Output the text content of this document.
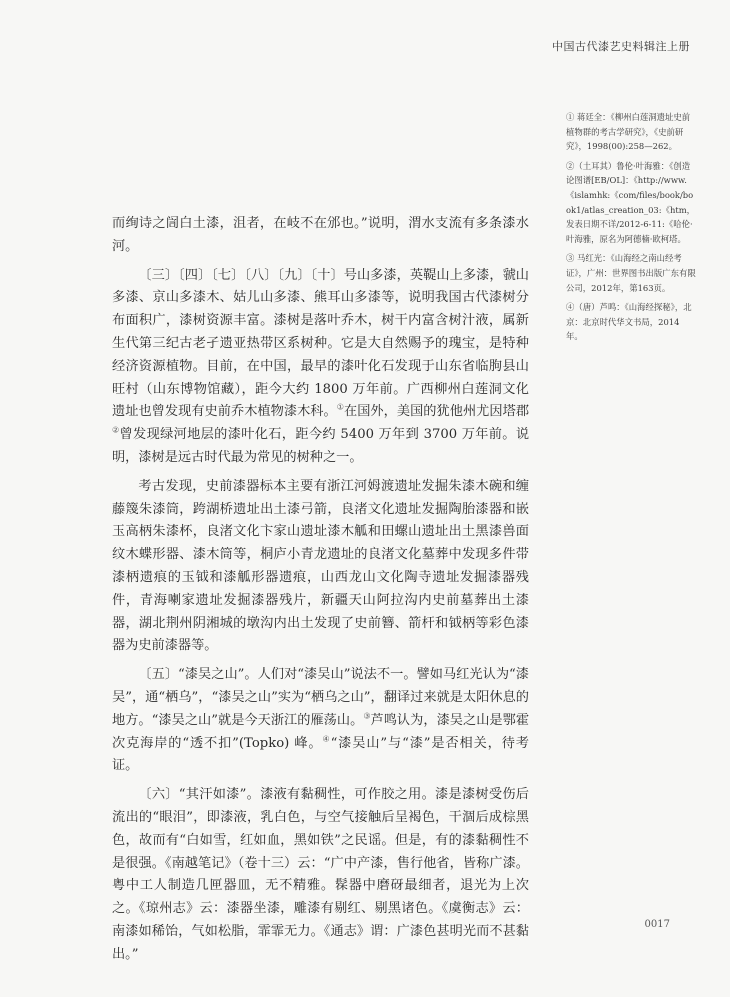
中国古代漆艺史料辑注上册

而绚诗之訚白土漆，沮者，在岐不在邠也。”说明，渭水支流有多条漆水河。

〔三〕〔四〕〔七〕〔八〕〔九〕〔十〕号山多漆，英鞮山上多漆，虢山多漆、京山多漆木、姑儿山多漆、熊耳山多漆等，说明我国古代漆树分布面积广，漆树资源丰富。漆树是落叶乔木，树干内富含树汁液，属新生代第三纪古老孑遗亚热带区系树种。它是大自然赐予的瑰宝，是特种经济资源植物。目前，在中国，最早的漆叶化石发现于山东省临朐县山旺村（山东博物馆藏），距今大约 1800 万年前。广西柳州白莲洞文化遗址也曾发现有史前乔木植物漆木科。①在国外，美国的犹他州尤因塔郡②曾发现绿河地层的漆叶化石，距今约 5400 万年到 3700 万年前。说明，漆树是远古时代最为常见的树种之一。

考古发现，史前漆器标本主要有浙江河姆渡遗址发掘朱漆木碗和缠藤篾朱漆筒，跨湖桥遗址出土漆弓箭，良渚文化遗址发掘陶胎漆器和嵌玉高柄朱漆杯，良渚文化卞家山遗址漆木觚和田螺山遗址出土黑漆兽面纹木蝶形器、漆木筒等，桐庐小青龙遗址的良渚文化墓葬中发现多件带漆柄遗痕的玉钺和漆觚形器遗痕，山西龙山文化陶寺遗址发掘漆器残件，青海喇家遗址发掘漆器残片，新疆天山阿拉沟内史前墓葬出土漆器，湖北荆州阴湘城的墩沟内出土发现了史前簪、箭杆和钺柄等彩色漆器为史前漆器等。

〔五〕“漆吴之山”。人们对“漆吴山”说法不一。譬如马红光认为“漆吴”，通“栖乌”，“漆吴之山”实为“栖乌之山”，翻译过来就是太阳休息的地方。“漆吴之山”就是今天浙江的雁荡山。③芦鸣认为，漆吴之山是鄂霍次克海岸的“透不扣”(Topko) 峰。④“漆吴山”与“漆”是否相关，待考证。

〔六〕“其汗如漆”。漆液有黏稠性，可作胶之用。漆是漆树受伤后流出的“眼泪”，即漆液，乳白色，与空气接触后呈褐色，干涸后成棕黑色，故而有“白如雪，红如血，黑如铁”之民谣。但是，有的漆黏稠性不是很强。《南越笔记》（卷十三）云：“广中产漆，售行他省，皆称广漆。粤中工人制造几匣器皿，无不精雅。髹器中磨砑最细者，退光为上次之。《琼州志》云：漆器坐漆，雕漆有剔红、剔黑诸色。《虞衡志》云：南漆如稀饴，气如松脂，霏霏无力。《通志》谓：广漆色甚明光而不甚黏出。”

① 蒋廷全：《柳州白莲洞遗址史前植物群的考古学研究》，《史前研究》，1998(00):258—262。

②（土耳其）鲁伦·叶海雅：《创造论图谱[EB/OL]：《http://www.《islamhk:《com/files/book/book1/atlas_creation_03:《htm，发表日期不详/2012-6-11:《哈伦·叶海雅，原名为阿德楠·欧柯塔。

③ 马红光：《山海经之南山经考证》，广州：世界图书出版广东有限公司，2012年，第163页。

④（唐）芦鸣：《山海经探秘》，北京：北京时代华文书局，2014年。

0017
